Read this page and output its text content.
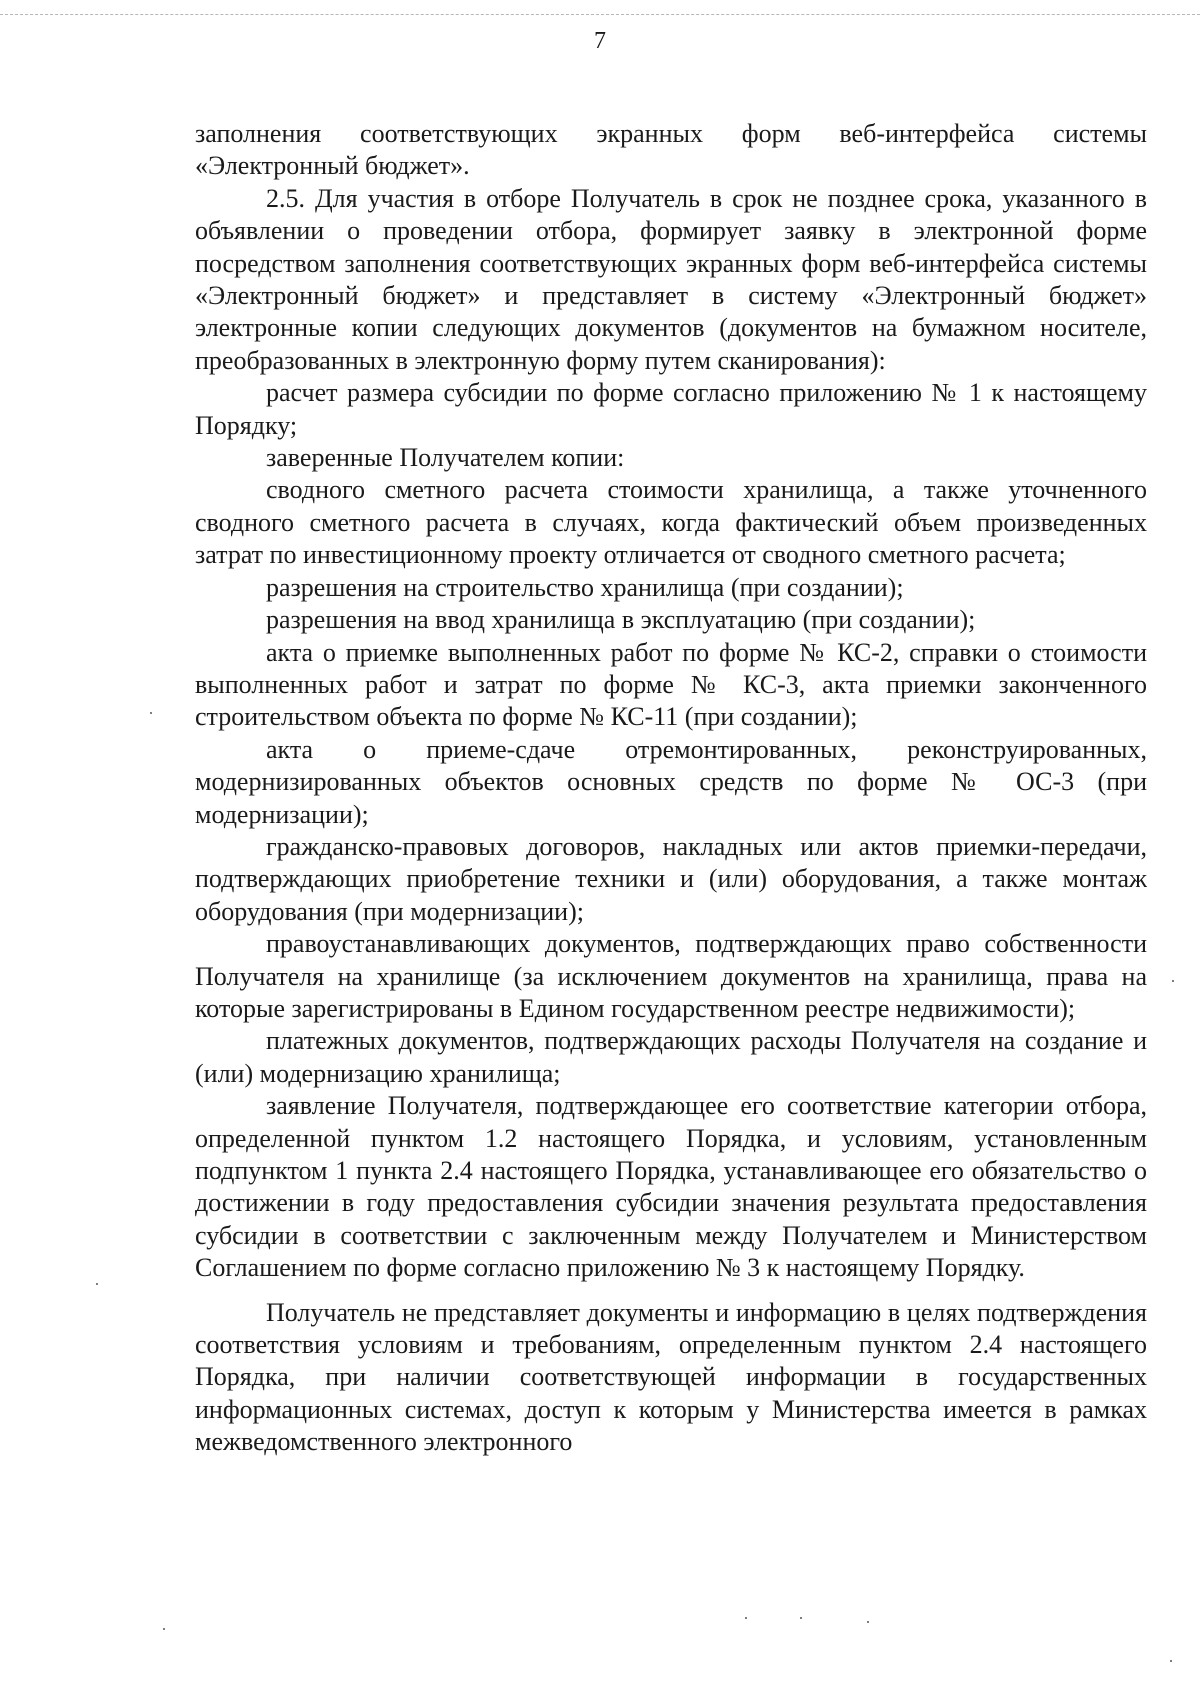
7

заполнения соответствующих экранных форм веб-интерфейса системы «Электронный бюджет».

2.5. Для участия в отборе Получатель в срок не позднее срока, указанного в объявлении о проведении отбора, формирует заявку в электронной форме посредством заполнения соответствующих экранных форм веб-интерфейса системы «Электронный бюджет» и представляет в систему «Электронный бюджет» электронные копии следующих документов (документов на бумажном носителе, преобразованных в электронную форму путем сканирования):

расчет размера субсидии по форме согласно приложению № 1 к настоящему Порядку;

заверенные Получателем копии:

сводного сметного расчета стоимости хранилища, а также уточненного сводного сметного расчета в случаях, когда фактический объем произведенных затрат по инвестиционному проекту отличается от сводного сметного расчета;

разрешения на строительство хранилища (при создании);

разрешения на ввод хранилища в эксплуатацию (при создании);

акта о приемке выполненных работ по форме № КС-2, справки о стоимости выполненных работ и затрат по форме № КС-3, акта приемки законченного строительством объекта по форме № КС-11 (при создании);

акта о приеме-сдаче отремонтированных, реконструированных, модернизированных объектов основных средств по форме № ОС-3 (при модернизации);

гражданско-правовых договоров, накладных или актов приемки-передачи, подтверждающих приобретение техники и (или) оборудования, а также монтаж оборудования (при модернизации);

правоустанавливающих документов, подтверждающих право собственности Получателя на хранилище (за исключением документов на хранилища, права на которые зарегистрированы в Едином государственном реестре недвижимости);

платежных документов, подтверждающих расходы Получателя на создание и (или) модернизацию хранилища;

заявление Получателя, подтверждающее его соответствие категории отбора, определенной пунктом 1.2 настоящего Порядка, и условиям, установленным подпунктом 1 пункта 2.4 настоящего Порядка, устанавливающее его обязательство о достижении в году предоставления субсидии значения результата предоставления субсидии в соответствии с заключенным между Получателем и Министерством Соглашением по форме согласно приложению № 3 к настоящему Порядку.

Получатель не представляет документы и информацию в целях подтверждения соответствия условиям и требованиям, определенным пунктом 2.4 настоящего Порядка, при наличии соответствующей информации в государственных информационных системах, доступ к которым у Министерства имеется в рамках межведомственного электронного
